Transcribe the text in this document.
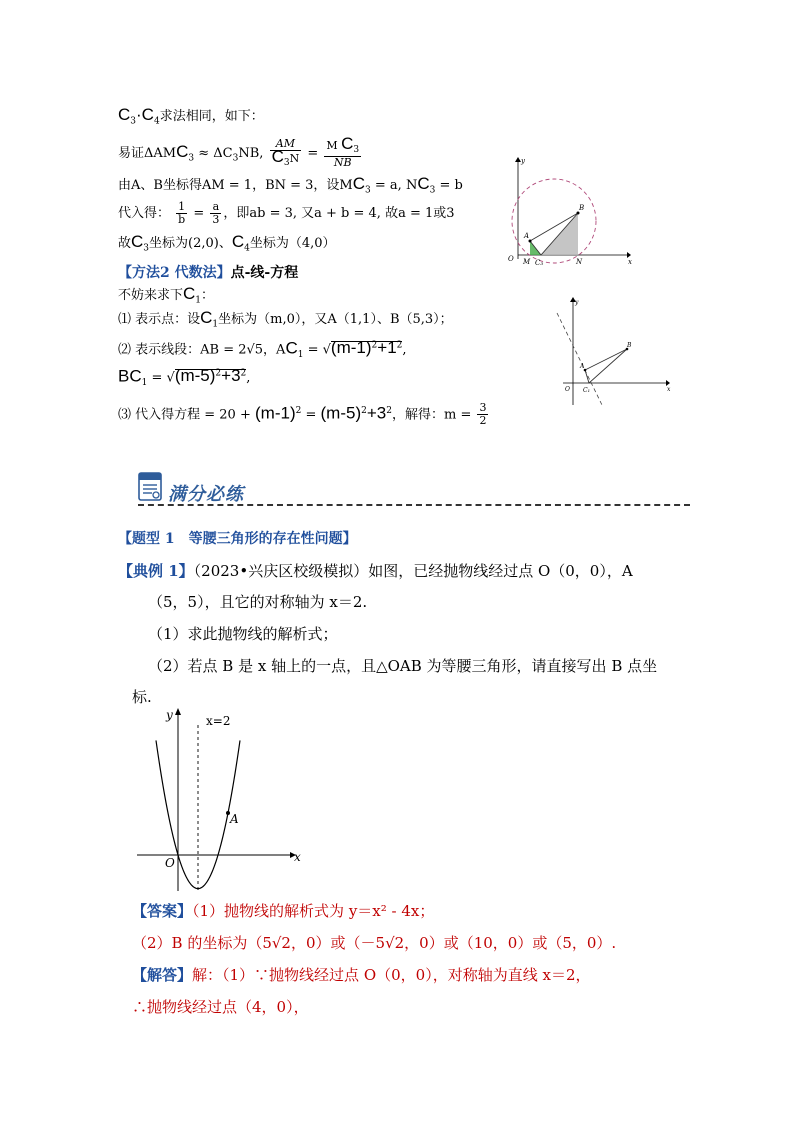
$C_3\cdot C_4$求法相同，如下：
易证$\Delta AMC_3 \approx \Delta C_3NB$, $\frac{AM}{C_3N} = \frac{M C_3}{NB}$
由A、B坐标得AM = 1，BN = 3，设$MC_3 = a$, $NC_3 = b$
代入得： $\frac{1}{b} = \frac{a}{3}$ ，即ab = 3, 又a + b = 4, 故a = 1或3
故$C_3$坐标为(2,0)、$C_4$坐标为（4,0）
y
x
O M C₃	N
A
B
【方法2 代数法】点-线-方程
不妨来求下$C_1$：
⑴ 表示点：设$C_1$坐标为（m,0），又A（1,1）、B（5,3）；
⑵ 表示线段：AB = 2√5，$AC_1 = √(m-1)^2+1^2$,
$BC_1 = √(m-5)^2+3^2$,
⑶ 代入得方程 = $20 + (m-1)^2 = (m-5)^2+3^2$，解得：$m = \frac{3}{2}$
y
x
O C₁
A
B
满分必练
【题型 1　等腰三角形的存在性问题】
【典例 1】（2023•兴庆区校级模拟）如图，已经抛物线经过点 O（0，0），A
（5，5），且它的对称轴为 x＝2.
（1）求此抛物线的解析式；
（2）若点 B 是 x 轴上的一点，且△OAB 为等腰三角形，请直接写出 B 点坐
标.
y	x=2
A
O	x
【答案】（1）抛物线的解析式为 y＝x² - 4x；
（2）B 的坐标为（5√2，0）或（－5√2，0）或（10，0）或（5，0）.
【解答】解：（1）∵抛物线经过点 O（0，0），对称轴为直线 x＝2，
∴抛物线经过点（4，0），
